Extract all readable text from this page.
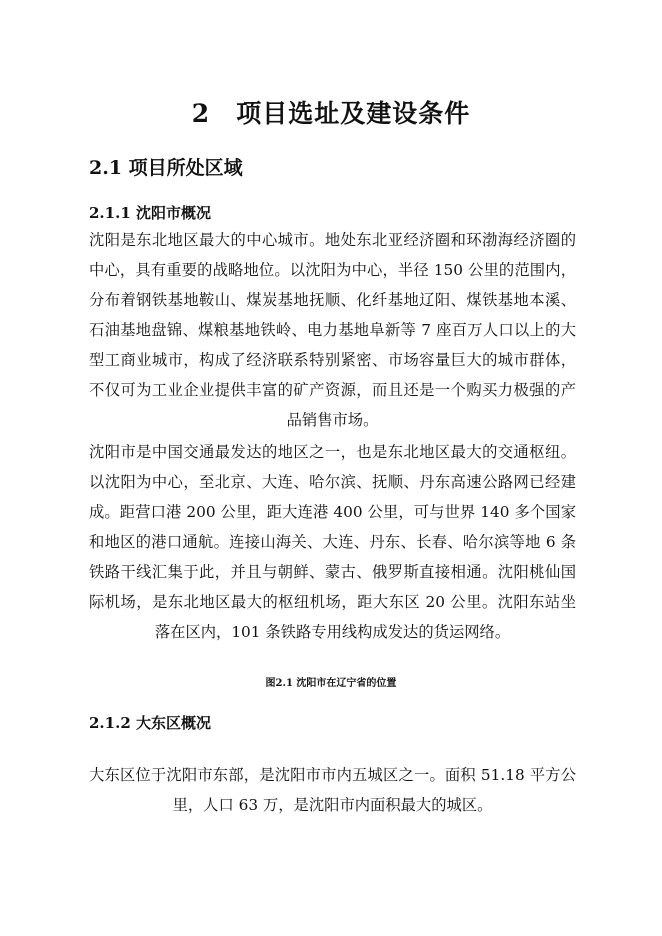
2　项目选址及建设条件
2.1 项目所处区域
2.1.1 沈阳市概况

沈阳是东北地区最大的中心城市。地处东北亚经济圈和环渤海经济圈的中心，具有重要的战略地位。以沈阳为中心，半径 150 公里的范围内，分布着钢铁基地鞍山、煤炭基地抚顺、化纤基地辽阳、煤铁基地本溪、石油基地盘锦、煤粮基地铁岭、电力基地阜新等 7 座百万人口以上的大型工商业城市，构成了经济联系特别紧密、市场容量巨大的城市群体，不仅可为工业企业提供丰富的矿产资源，而且还是一个购买力极强的产品销售市场。

沈阳市是中国交通最发达的地区之一，也是东北地区最大的交通枢纽。以沈阳为中心，至北京、大连、哈尔滨、抚顺、丹东高速公路网已经建成。距营口港 200 公里，距大连港 400 公里，可与世界 140 多个国家和地区的港口通航。连接山海关、大连、丹东、长春、哈尔滨等地 6 条铁路干线汇集于此，并且与朝鲜、蒙古、俄罗斯直接相通。沈阳桃仙国际机场，是东北地区最大的枢纽机场，距大东区 20 公里。沈阳东站坐落在区内，101 条铁路专用线构成发达的货运网络。

图2.1 沈阳市在辽宁省的位置
2.1.2 大东区概况

大东区位于沈阳市东部，是沈阳市市内五城区之一。面积 51.18 平方公里，人口 63 万，是沈阳市内面积最大的城区。
